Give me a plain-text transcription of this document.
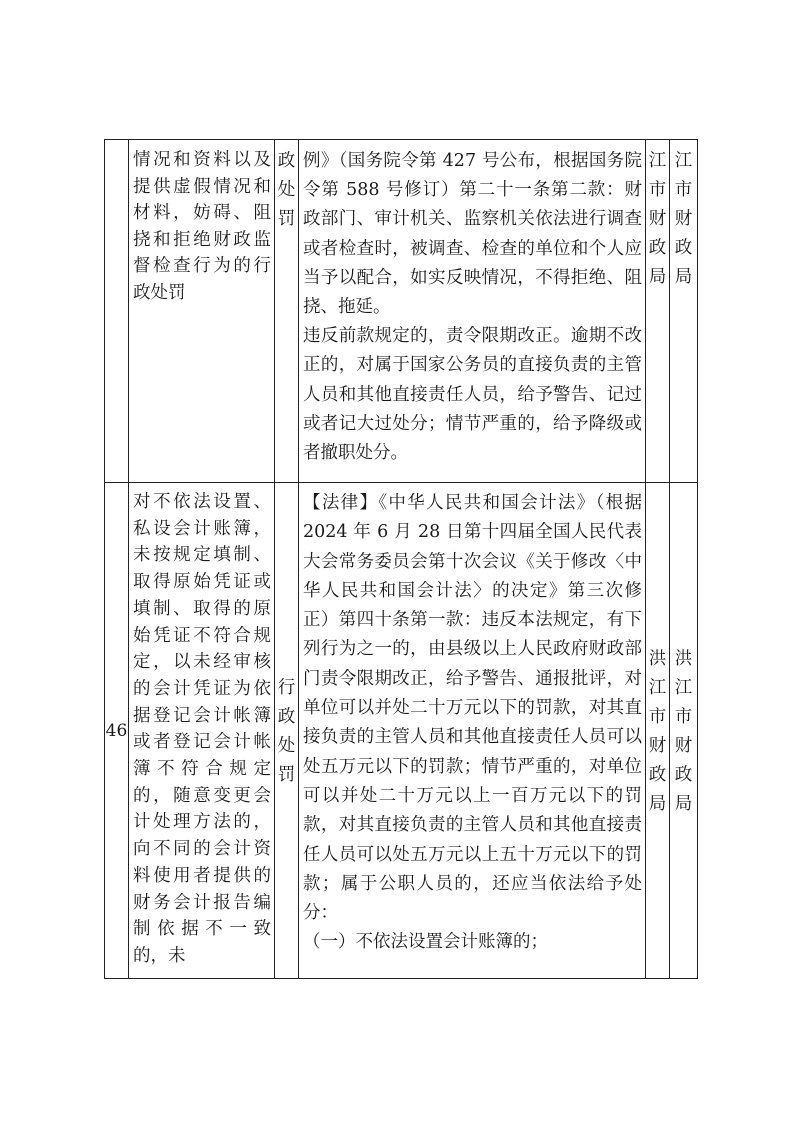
情况和资料以及提供虚假情况和材料，妨碍、阻挠和拒绝财政监督检查行为的行政处罚
政
处
罚

例》（国务院令第 427 号公布，根据国务院令第 588 号修订）第二十一条第二款：财政部门、审计机关、监察机关依法进行调查或者检查时，被调查、检查的单位和个人应当予以配合，如实反映情况，不得拒绝、阻挠、拖延。

违反前款规定的，责令限期改正。逾期不改正的，对属于国家公务员的直接负责的主管人员和其他直接责任人员，给予警告、记过或者记大过处分；情节严重的，给予降级或者撤职处分。

江
市
财
政
局
江
市
财
政
局
46
对不依法设置、私设会计账簿，未按规定填制、取得原始凭证或填制、取得的原始凭证不符合规定，以未经审核的会计凭证为依据登记会计帐簿或者登记会计帐簿不符合规定的，随意变更会计处理方法的，向不同的会计资料使用者提供的财务会计报告编制依据不一致的，未
行
政
处
罚

【法律】《中华人民共和国会计法》（根据 2024 年 6 月 28 日第十四届全国人民代表大会常务委员会第十次会议《关于修改〈中华人民共和国会计法〉的决定》第三次修正）第四十条第一款：违反本法规定，有下列行为之一的，由县级以上人民政府财政部门责令限期改正，给予警告、通报批评，对单位可以并处二十万元以下的罚款，对其直接负责的主管人员和其他直接责任人员可以处五万元以下的罚款；情节严重的，对单位可以并处二十万元以上一百万元以下的罚款，对其直接负责的主管人员和其他直接责任人员可以处五万元以上五十万元以下的罚款；属于公职人员的，还应当依法给予处分：

（一）不依法设置会计账簿的；

洪
江
市
财
政
局
洪
江
市
财
政
局
